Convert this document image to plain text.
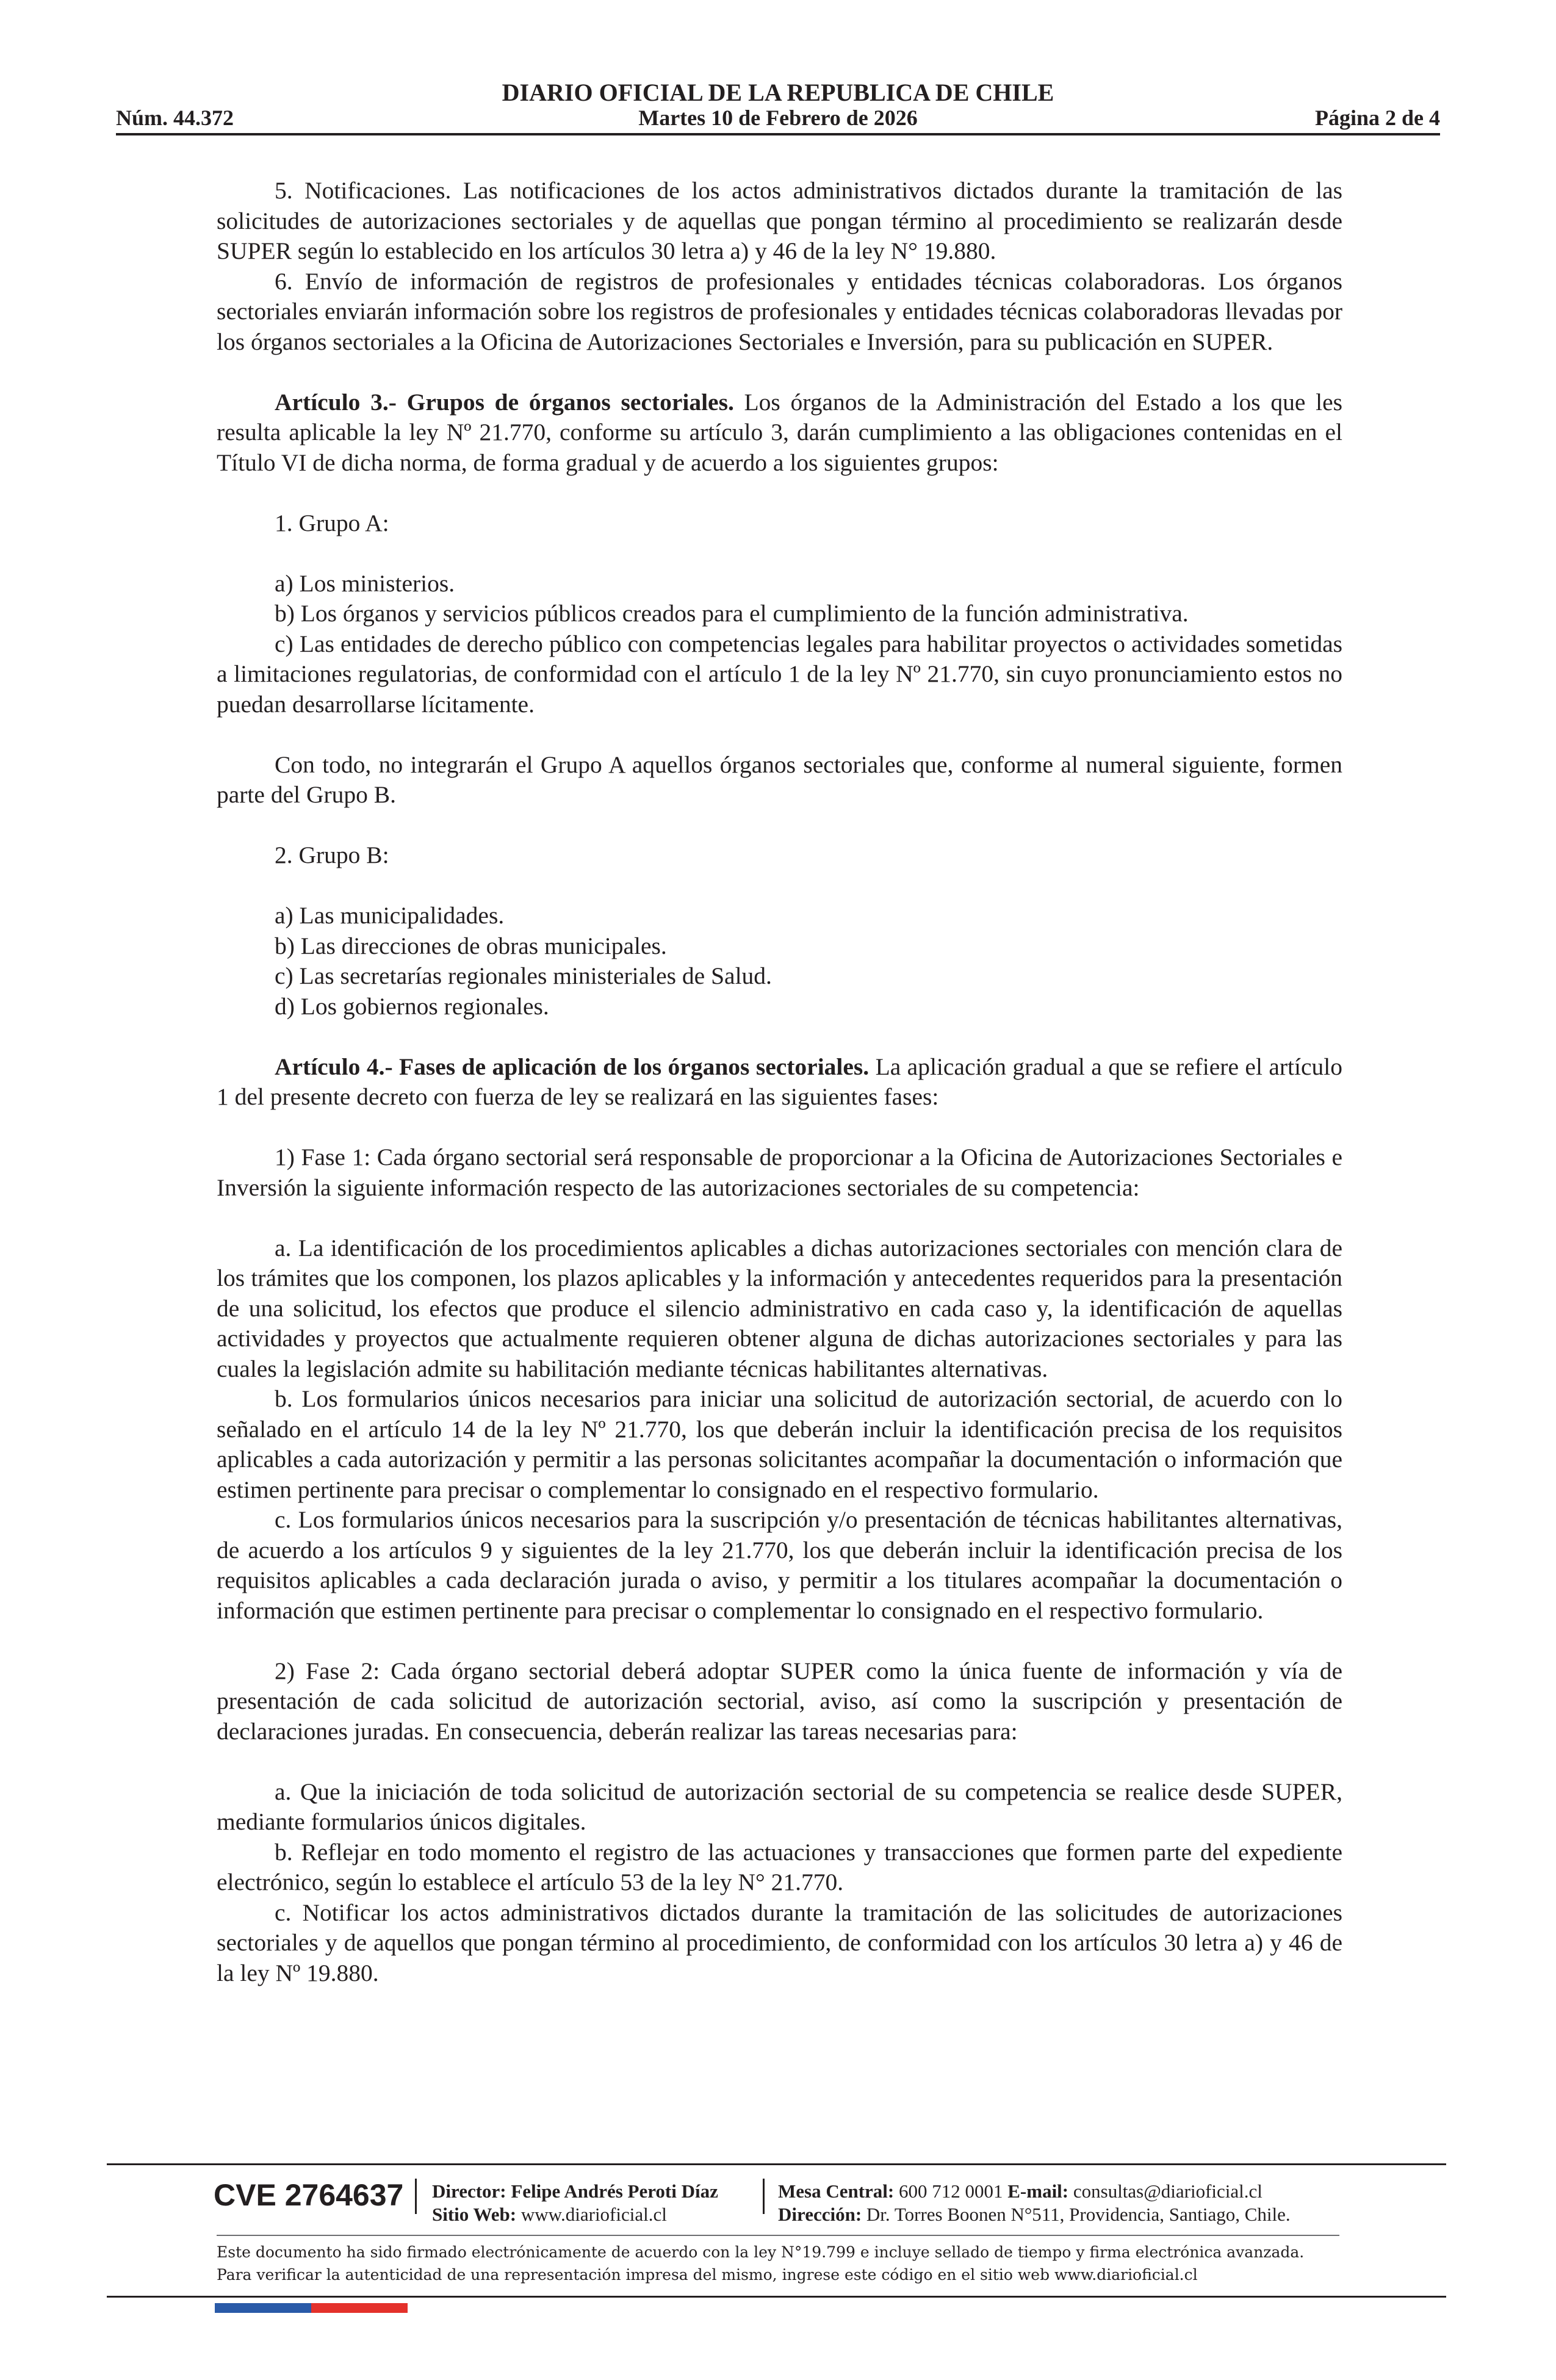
DIARIO OFICIAL DE LA REPUBLICA DE CHILE
Núm. 44.372	Martes 10 de Febrero de 2026	Página 2 de 4

5. Notificaciones. Las notificaciones de los actos administrativos dictados durante la tramitación de las solicitudes de autorizaciones sectoriales y de aquellas que pongan término al procedimiento se realizarán desde SUPER según lo establecido en los artículos 30 letra a) y 46 de la ley N° 19.880.

6. Envío de información de registros de profesionales y entidades técnicas colaboradoras. Los órganos sectoriales enviarán información sobre los registros de profesionales y entidades técnicas colaboradoras llevadas por los órganos sectoriales a la Oficina de Autorizaciones Sectoriales e Inversión, para su publicación en SUPER.

Artículo 3.- Grupos de órganos sectoriales. Los órganos de la Administración del Estado a los que les resulta aplicable la ley Nº 21.770, conforme su artículo 3, darán cumplimiento a las obligaciones contenidas en el Título VI de dicha norma, de forma gradual y de acuerdo a los siguientes grupos:

1. Grupo A:

a) Los ministerios.

b) Los órganos y servicios públicos creados para el cumplimiento de la función administrativa.

c) Las entidades de derecho público con competencias legales para habilitar proyectos o actividades sometidas a limitaciones regulatorias, de conformidad con el artículo 1 de la ley Nº 21.770, sin cuyo pronunciamiento estos no puedan desarrollarse lícitamente.

Con todo, no integrarán el Grupo A aquellos órganos sectoriales que, conforme al numeral siguiente, formen parte del Grupo B.

2. Grupo B:

a) Las municipalidades.

b) Las direcciones de obras municipales.

c) Las secretarías regionales ministeriales de Salud.

d) Los gobiernos regionales.

Artículo 4.- Fases de aplicación de los órganos sectoriales. La aplicación gradual a que se refiere el artículo 1 del presente decreto con fuerza de ley se realizará en las siguientes fases:

1) Fase 1: Cada órgano sectorial será responsable de proporcionar a la Oficina de Autorizaciones Sectoriales e Inversión la siguiente información respecto de las autorizaciones sectoriales de su competencia:

a. La identificación de los procedimientos aplicables a dichas autorizaciones sectoriales con mención clara de los trámites que los componen, los plazos aplicables y la información y antecedentes requeridos para la presentación de una solicitud, los efectos que produce el silencio administrativo en cada caso y, la identificación de aquellas actividades y proyectos que actualmente requieren obtener alguna de dichas autorizaciones sectoriales y para las cuales la legislación admite su habilitación mediante técnicas habilitantes alternativas.

b. Los formularios únicos necesarios para iniciar una solicitud de autorización sectorial, de acuerdo con lo señalado en el artículo 14 de la ley Nº 21.770, los que deberán incluir la identificación precisa de los requisitos aplicables a cada autorización y permitir a las personas solicitantes acompañar la documentación o información que estimen pertinente para precisar o complementar lo consignado en el respectivo formulario.

c. Los formularios únicos necesarios para la suscripción y/o presentación de técnicas habilitantes alternativas, de acuerdo a los artículos 9 y siguientes de la ley 21.770, los que deberán incluir la identificación precisa de los requisitos aplicables a cada declaración jurada o aviso, y permitir a los titulares acompañar la documentación o información que estimen pertinente para precisar o complementar lo consignado en el respectivo formulario.

2) Fase 2: Cada órgano sectorial deberá adoptar SUPER como la única fuente de información y vía de presentación de cada solicitud de autorización sectorial, aviso, así como la suscripción y presentación de declaraciones juradas. En consecuencia, deberán realizar las tareas necesarias para:

a. Que la iniciación de toda solicitud de autorización sectorial de su competencia se realice desde SUPER, mediante formularios únicos digitales.

b. Reflejar en todo momento el registro de las actuaciones y transacciones que formen parte del expediente electrónico, según lo establece el artículo 53 de la ley N° 21.770.

c. Notificar los actos administrativos dictados durante la tramitación de las solicitudes de autorizaciones sectoriales y de aquellos que pongan término al procedimiento, de conformidad con los artículos 30 letra a) y 46 de la ley Nº 19.880.

CVE 2764637 Director: Felipe Andrés Peroti Díaz
Sitio Web: www.diarioficial.cl
Mesa Central: 600 712 0001 E-mail: consultas@diarioficial.cl
Dirección: Dr. Torres Boonen N°511, Providencia, Santiago, Chile.
Este documento ha sido firmado electrónicamente de acuerdo con la ley N°19.799 e incluye sellado de tiempo y firma electrónica avanzada. Para verificar la autenticidad de una representación impresa del mismo, ingrese este código en el sitio web www.diarioficial.cl
